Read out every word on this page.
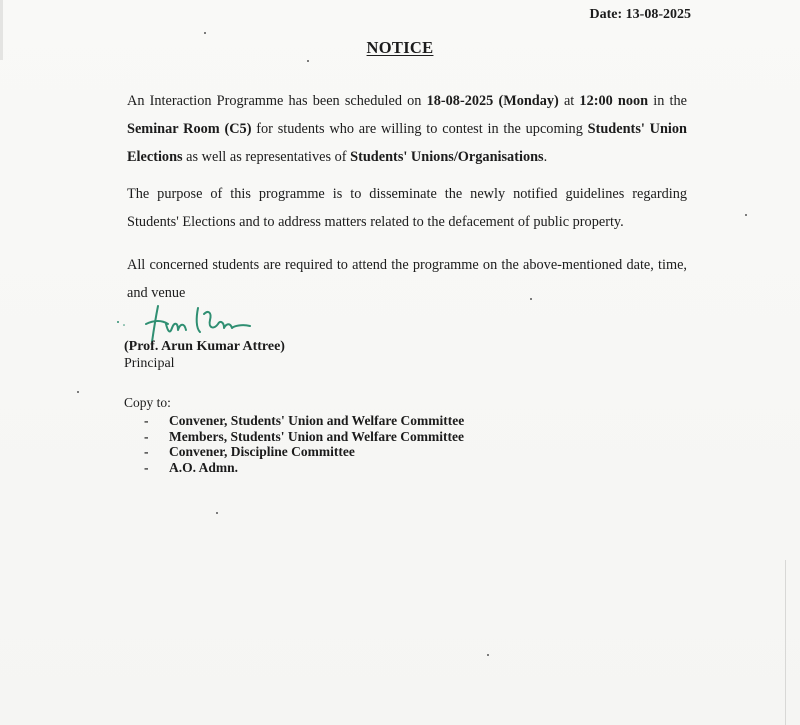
Date: 13-08-2025
NOTICE
An Interaction Programme has been scheduled on 18-08-2025 (Monday) at 12:00 noon in the Seminar Room (C5) for students who are willing to contest in the upcoming Students' Union Elections as well as representatives of Students' Unions/Organisations.
The purpose of this programme is to disseminate the newly notified guidelines regarding Students' Elections and to address matters related to the defacement of public property.
All concerned students are required to attend the programme on the above-mentioned date, time, and venue
(Prof. Arun Kumar Attree)
Principal
Copy to:
-	Convener, Students' Union and Welfare Committee
-	Members, Students' Union and Welfare Committee
-	Convener, Discipline Committee
-	A.O. Admn.
